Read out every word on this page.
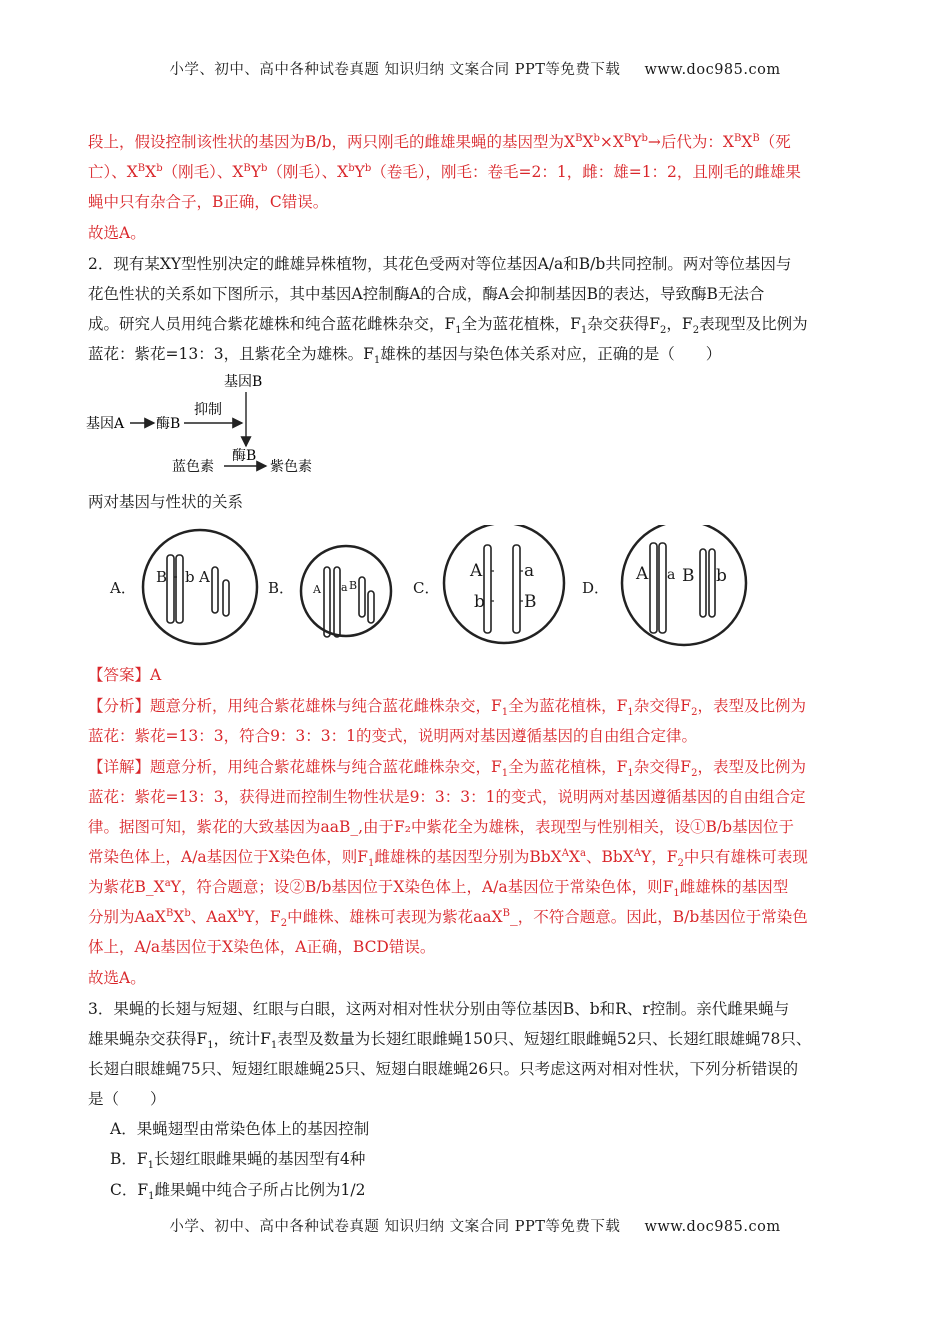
小学、初中、高中各种试卷真题 知识归纳 文案合同 PPT等免费下载 www.doc985.com
段上，假设控制该性状的基因为B/b，两只刚毛的雌雄果蝇的基因型为$X^BX^b\times X^BY^b\to$后代为：$X^BX^B$（死
亡）、$X^BX^b$（刚毛）、$X^BY^b$（刚毛）、$X^bY^b$（卷毛），刚毛：卷毛=2：1，雌：雄=1：2，且刚毛的雌雄果
蝇中只有杂合子，B正确，C错误。
故选A。
2．现有某XY型性别决定的雌雄异株植物，其花色受两对等位基因A/a和B/b共同控制。两对等位基因与
花色性状的关系如下图所示，其中基因A控制酶A的合成，酶A会抑制基因B的表达，导致酶B无法合
成。研究人员用纯合紫花雄株和纯合蓝花雌株杂交，$F_1$全为蓝花植株，$F_1$杂交获得$F_2$，$F_2$表现型及比例为
蓝花：紫花=13：3，且紫花全为雄株。$F_1$雄株的基因与染色体关系对应，正确的是（　　）
基因B
基因A 酶B
抑制
酶B
蓝色素	紫色素
两对基因与性状的关系
A．
B b A
B． A a B	C．
A a
b B
D．
A a B b
【答案】A
【分析】题意分析，用纯合紫花雄株与纯合蓝花雌株杂交，$F_1$全为蓝花植株，$F_1$杂交得$F_2$，表型及比例为
蓝花：紫花=13：3，符合9：3：3：1的变式，说明两对基因遵循基因的自由组合定律。
【详解】题意分析，用纯合紫花雄株与纯合蓝花雌株杂交，$F_1$全为蓝花植株，$F_1$杂交得$F_2$，表型及比例为
蓝花：紫花=13：3，获得进而控制生物性状是9：3：3：1的变式，说明两对基因遵循基因的自由组合定
律。据图可知，紫花的大致基因为aaB_,由于F₂中紫花全为雄株，表现型与性别相关，设①B/b基因位于
常染色体上，A/a基因位于X染色体，则$F_1$雌雄株的基因型分别为$BbX^AX^a$、BbX$^A$Y，$F_2$中只有雄株可表现
为紫花$B\_X^aY$，符合题意；设②B/b基因位于X染色体上，A/a基因位于常染色体，则$F_1$雌雄株的基因型
分别为$AaX^BX^b$、AaX$^b$Y，$F_2$中雌株、雄株可表现为紫花aaX$^B$_，不符合题意。因此，B/b基因位于常染色
体上，A/a基因位于X染色体，A正确，BCD错误。
故选A。
3．果蝇的长翅与短翅、红眼与白眼，这两对相对性状分别由等位基因B、b和R、r控制。亲代雌果蝇与
雄果蝇杂交获得$F_1$，统计$F_1$表型及数量为长翅红眼雌蝇150只、短翅红眼雌蝇52只、长翅红眼雄蝇78只、
长翅白眼雄蝇75只、短翅红眼雄蝇25只、短翅白眼雄蝇26只。只考虑这两对相对性状，下列分析错误的
是（　　）
A．果蝇翅型由常染色体上的基因控制
B．$F_1$长翅红眼雌果蝇的基因型有4种
C．$F_1$雌果蝇中纯合子所占比例为1/2
小学、初中、高中各种试卷真题 知识归纳 文案合同 PPT等免费下载 www.doc985.com
